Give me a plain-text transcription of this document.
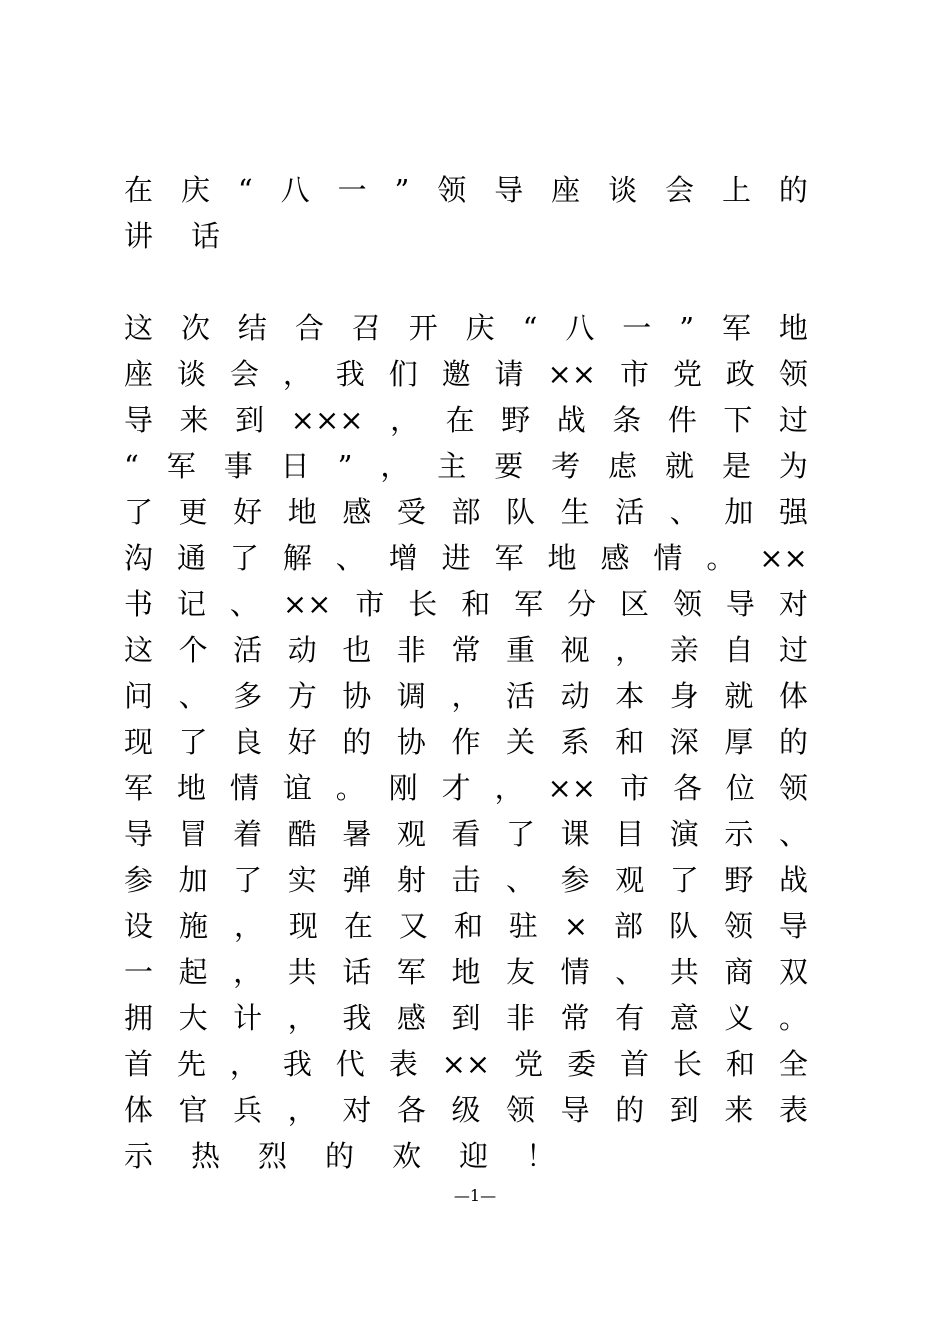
在 庆 “ 八 一 ” 领 导 座 谈 会 上 的
讲 话
这 次 结 合 召 开 庆 “ 八 一 ” 军 地
座 谈 会 ， 我 们 邀 请 ×× 市 党 政 领
导 来 到 ××× ， 在 野 战 条 件 下 过
“ 军 事 日 ” ， 主 要 考 虑 就 是 为
了 更 好 地 感 受 部 队 生 活 、 加 强
沟 通 了 解 、 增 进 军 地 感 情 。 ××
书 记 、 ×× 市 长 和 军 分 区 领 导 对
这 个 活 动 也 非 常 重 视 ， 亲 自 过
问 、 多 方 协 调 ， 活 动 本 身 就 体
现 了 良 好 的 协 作 关 系 和 深 厚 的
军 地 情 谊 。 刚 才 ， ×× 市 各 位 领
导 冒 着 酷 暑 观 看 了 课 目 演 示 、
参 加 了 实 弹 射 击 、 参 观 了 野 战
设 施 ， 现 在 又 和 驻 × 部 队 领 导
一 起 ， 共 话 军 地 友 情 、 共 商 双
拥 大 计 ， 我 感 到 非 常 有 意 义 。
首 先 ， 我 代 表 ×× 党 委 首 长 和 全
体 官 兵 ， 对 各 级 领 导 的 到 来 表
示 热 烈 的 欢 迎 ！
—1—
